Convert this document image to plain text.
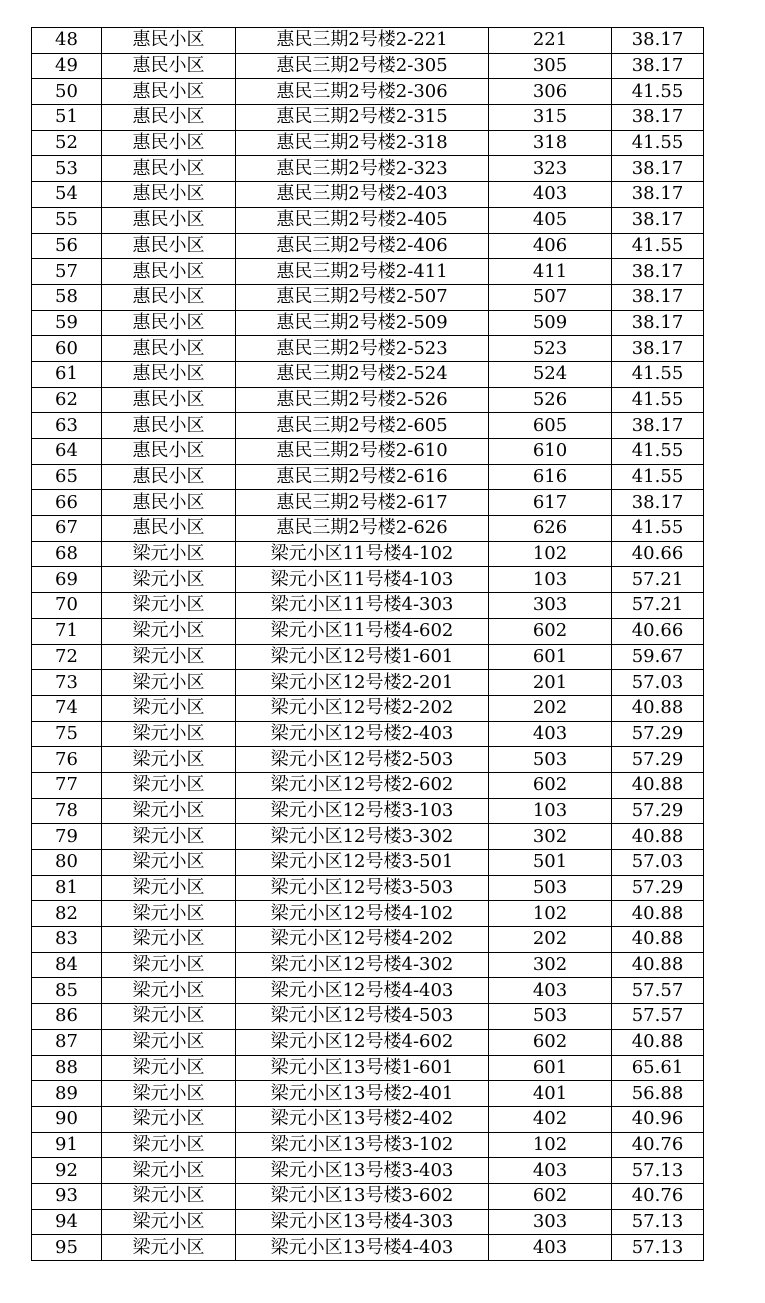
48	惠民小区	惠民三期2号楼2-221	221	38.17
49	惠民小区	惠民三期2号楼2-305	305	38.17
50	惠民小区	惠民三期2号楼2-306	306	41.55
51	惠民小区	惠民三期2号楼2-315	315	38.17
52	惠民小区	惠民三期2号楼2-318	318	41.55
53	惠民小区	惠民三期2号楼2-323	323	38.17
54	惠民小区	惠民三期2号楼2-403	403	38.17
55	惠民小区	惠民三期2号楼2-405	405	38.17
56	惠民小区	惠民三期2号楼2-406	406	41.55
57	惠民小区	惠民三期2号楼2-411	411	38.17
58	惠民小区	惠民三期2号楼2-507	507	38.17
59	惠民小区	惠民三期2号楼2-509	509	38.17
60	惠民小区	惠民三期2号楼2-523	523	38.17
61	惠民小区	惠民三期2号楼2-524	524	41.55
62	惠民小区	惠民三期2号楼2-526	526	41.55
63	惠民小区	惠民三期2号楼2-605	605	38.17
64	惠民小区	惠民三期2号楼2-610	610	41.55
65	惠民小区	惠民三期2号楼2-616	616	41.55
66	惠民小区	惠民三期2号楼2-617	617	38.17
67	惠民小区	惠民三期2号楼2-626	626	41.55
68	梁元小区	梁元小区11号楼4-102	102	40.66
69	梁元小区	梁元小区11号楼4-103	103	57.21
70	梁元小区	梁元小区11号楼4-303	303	57.21
71	梁元小区	梁元小区11号楼4-602	602	40.66
72	梁元小区	梁元小区12号楼1-601	601	59.67
73	梁元小区	梁元小区12号楼2-201	201	57.03
74	梁元小区	梁元小区12号楼2-202	202	40.88
75	梁元小区	梁元小区12号楼2-403	403	57.29
76	梁元小区	梁元小区12号楼2-503	503	57.29
77	梁元小区	梁元小区12号楼2-602	602	40.88
78	梁元小区	梁元小区12号楼3-103	103	57.29
79	梁元小区	梁元小区12号楼3-302	302	40.88
80	梁元小区	梁元小区12号楼3-501	501	57.03
81	梁元小区	梁元小区12号楼3-503	503	57.29
82	梁元小区	梁元小区12号楼4-102	102	40.88
83	梁元小区	梁元小区12号楼4-202	202	40.88
84	梁元小区	梁元小区12号楼4-302	302	40.88
85	梁元小区	梁元小区12号楼4-403	403	57.57
86	梁元小区	梁元小区12号楼4-503	503	57.57
87	梁元小区	梁元小区12号楼4-602	602	40.88
88	梁元小区	梁元小区13号楼1-601	601	65.61
89	梁元小区	梁元小区13号楼2-401	401	56.88
90	梁元小区	梁元小区13号楼2-402	402	40.96
91	梁元小区	梁元小区13号楼3-102	102	40.76
92	梁元小区	梁元小区13号楼3-403	403	57.13
93	梁元小区	梁元小区13号楼3-602	602	40.76
94	梁元小区	梁元小区13号楼4-303	303	57.13
95	梁元小区	梁元小区13号楼4-403	403	57.13
